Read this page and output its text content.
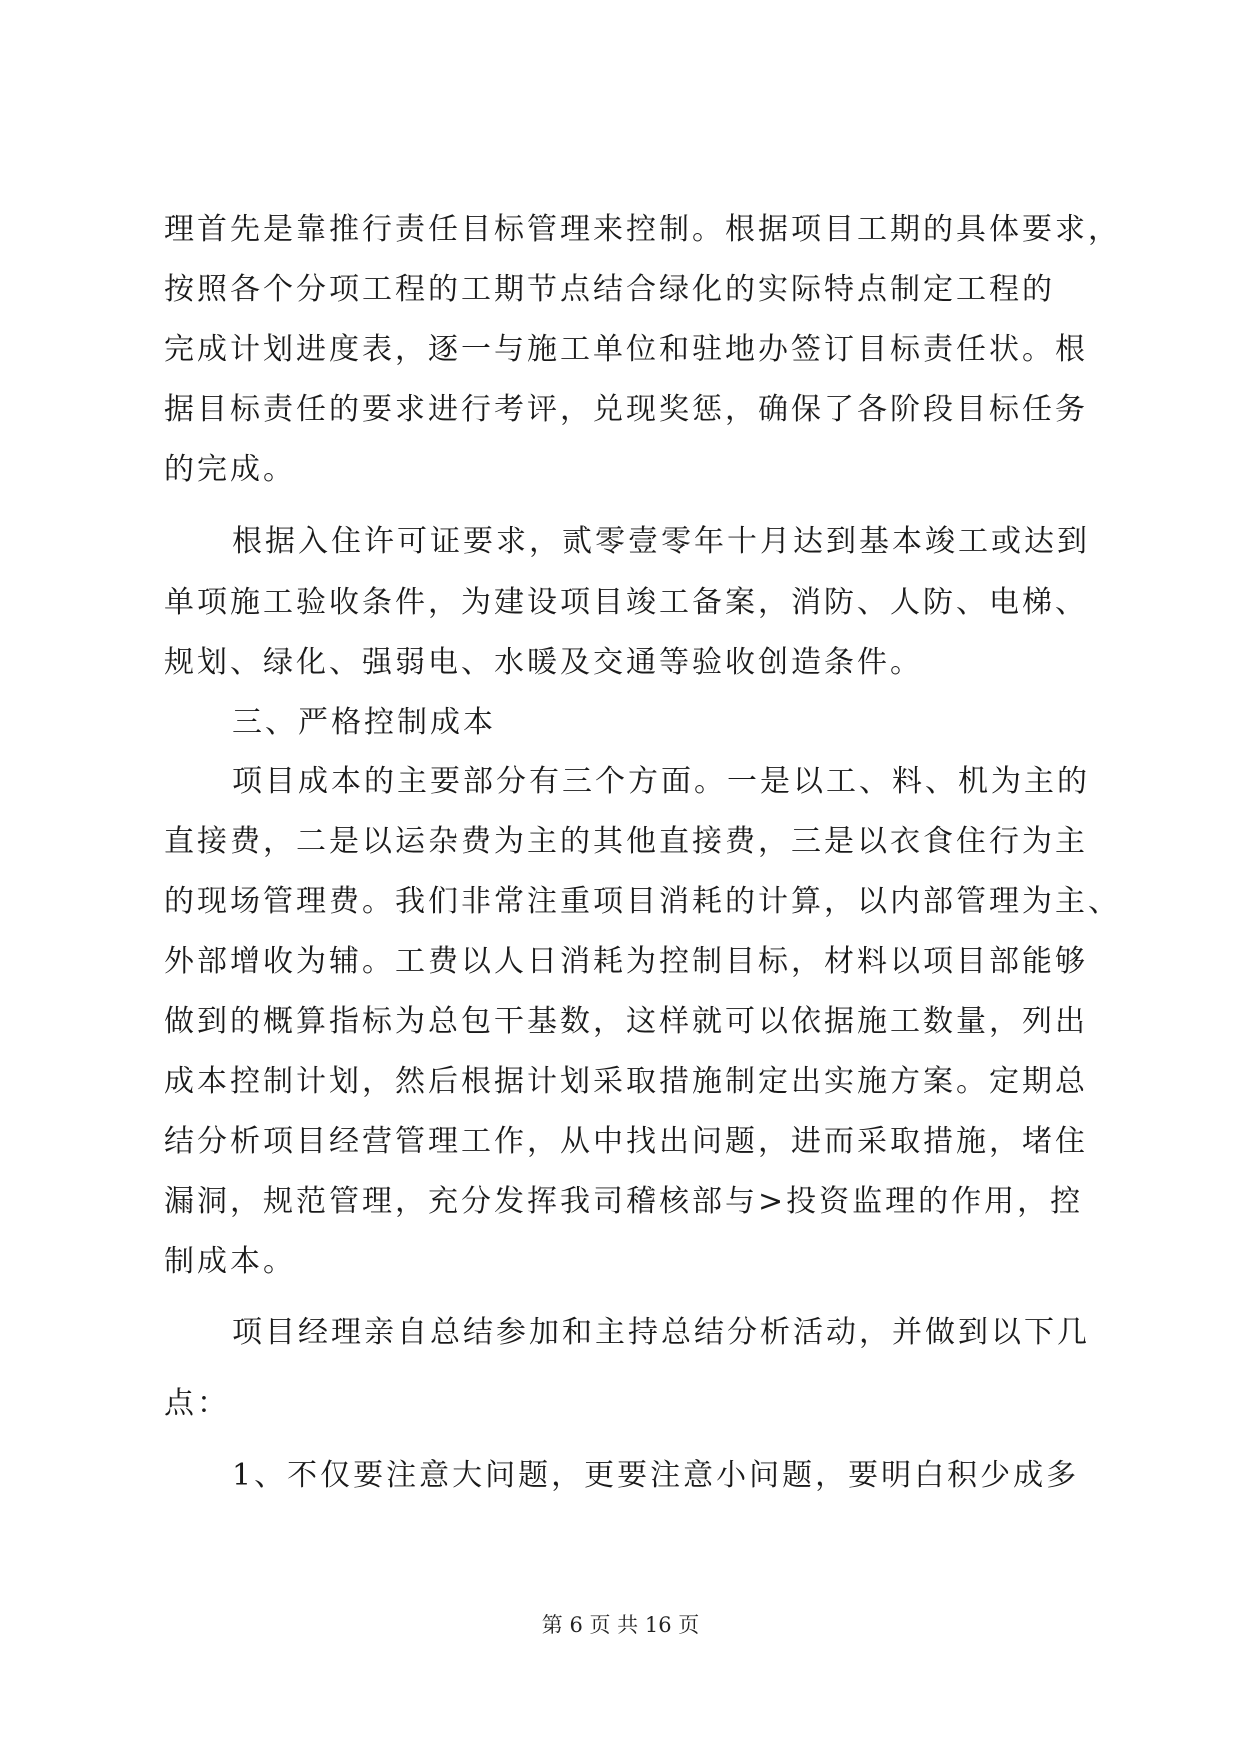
理首先是靠推行责任目标管理来控制。根据项目工期的具体要求，
按照各个分项工程的工期节点结合绿化的实际特点制定工程的
完成计划进度表，逐一与施工单位和驻地办签订目标责任状。根
据目标责任的要求进行考评，兑现奖惩，确保了各阶段目标任务
的完成。
根据入住许可证要求，贰零壹零年十月达到基本竣工或达到
单项施工验收条件，为建设项目竣工备案，消防、人防、电梯、
规划、绿化、强弱电、水暖及交通等验收创造条件。
三、严格控制成本
项目成本的主要部分有三个方面。一是以工、料、机为主的
直接费，二是以运杂费为主的其他直接费，三是以衣食住行为主
的现场管理费。我们非常注重项目消耗的计算，以内部管理为主、
外部增收为辅。工费以人日消耗为控制目标，材料以项目部能够
做到的概算指标为总包干基数，这样就可以依据施工数量，列出
成本控制计划，然后根据计划采取措施制定出实施方案。定期总
结分析项目经营管理工作，从中找出问题，进而采取措施，堵住
漏洞，规范管理，充分发挥我司稽核部与>投资监理的作用，控
制成本。
项目经理亲自总结参加和主持总结分析活动，并做到以下几
点：
1、不仅要注意大问题，更要注意小问题，要明白积少成多
第 6 页 共 16 页
